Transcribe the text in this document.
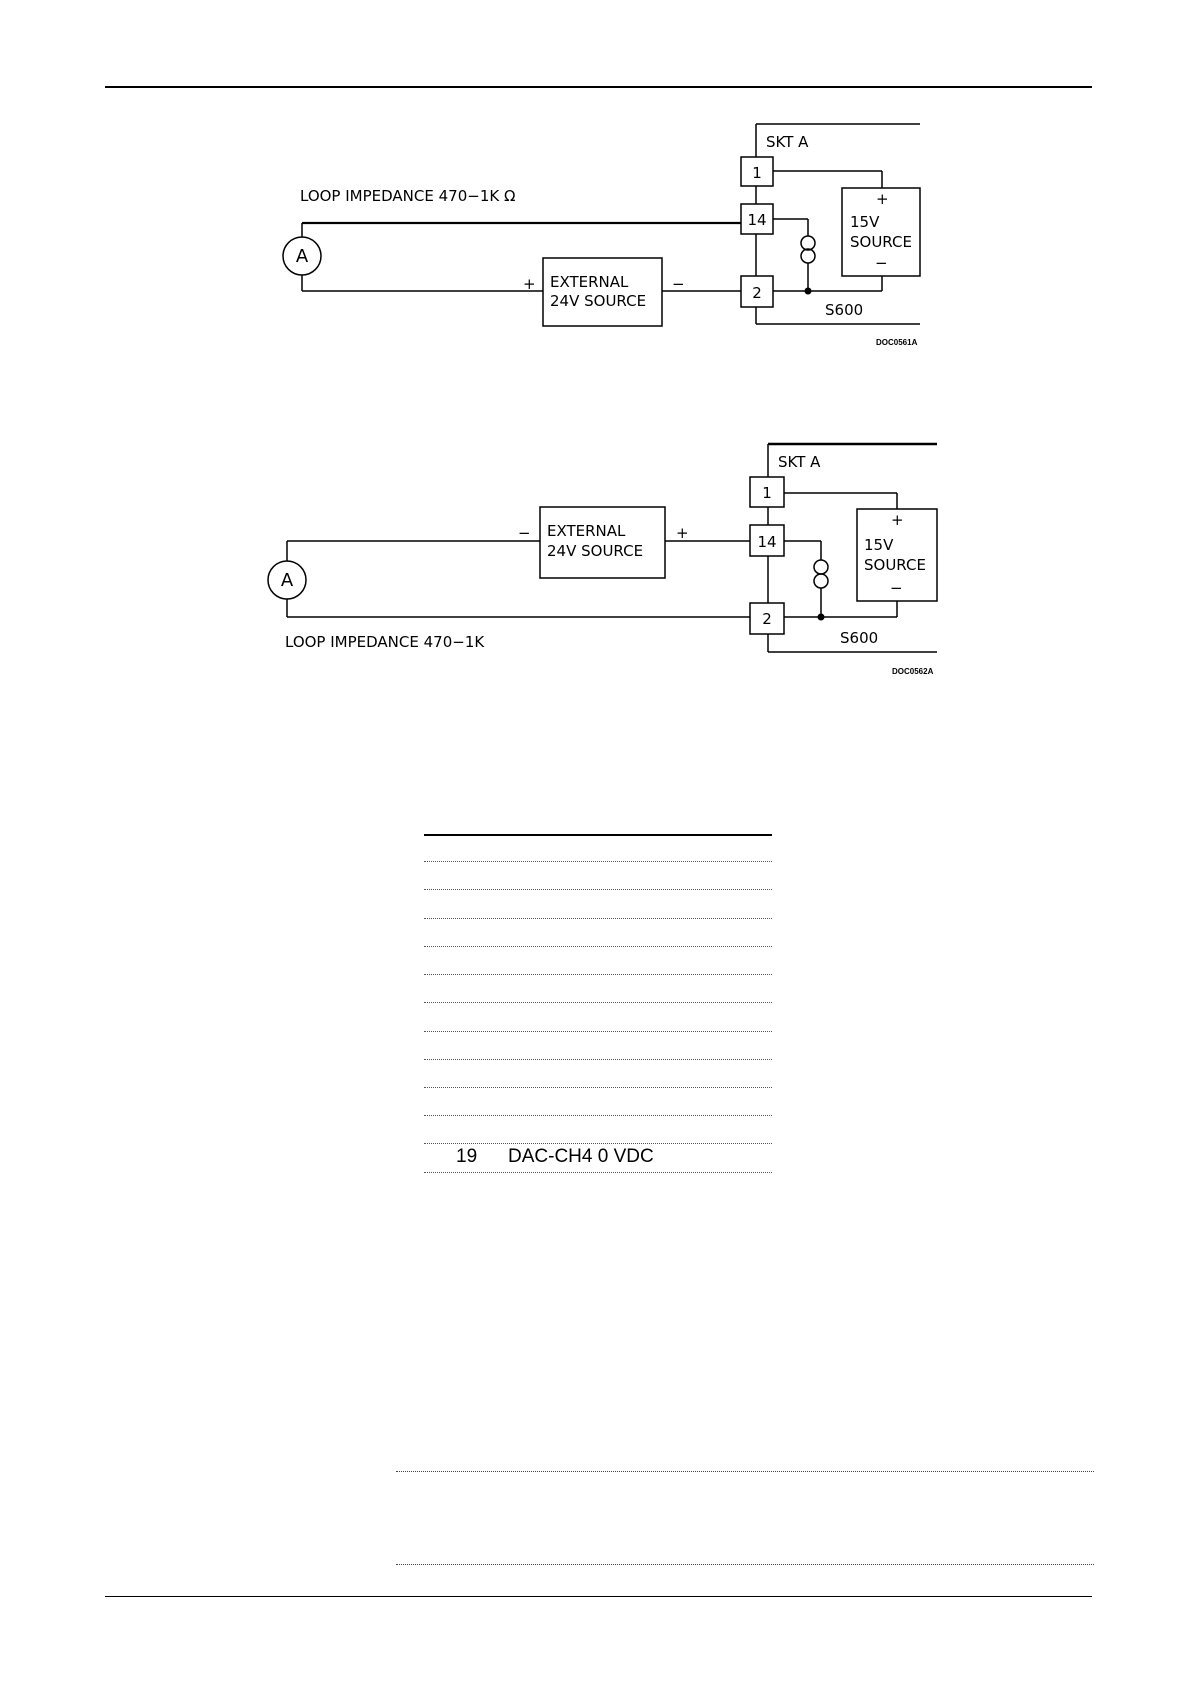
SKT A
1
14
2
LOOP IMPEDANCE 470−1K Ω
A
EXTERNAL
24V SOURCE
+	−
+
15V
SOURCE
−
S600
DOC0561A
SKT A
1
14
2
LOOP IMPEDANCE 470−1K
A
EXTERNAL
24V SOURCE
−	+
+
15V
SOURCE
−
S600
DOC0562A
19 DAC-CH4 0 VDC
